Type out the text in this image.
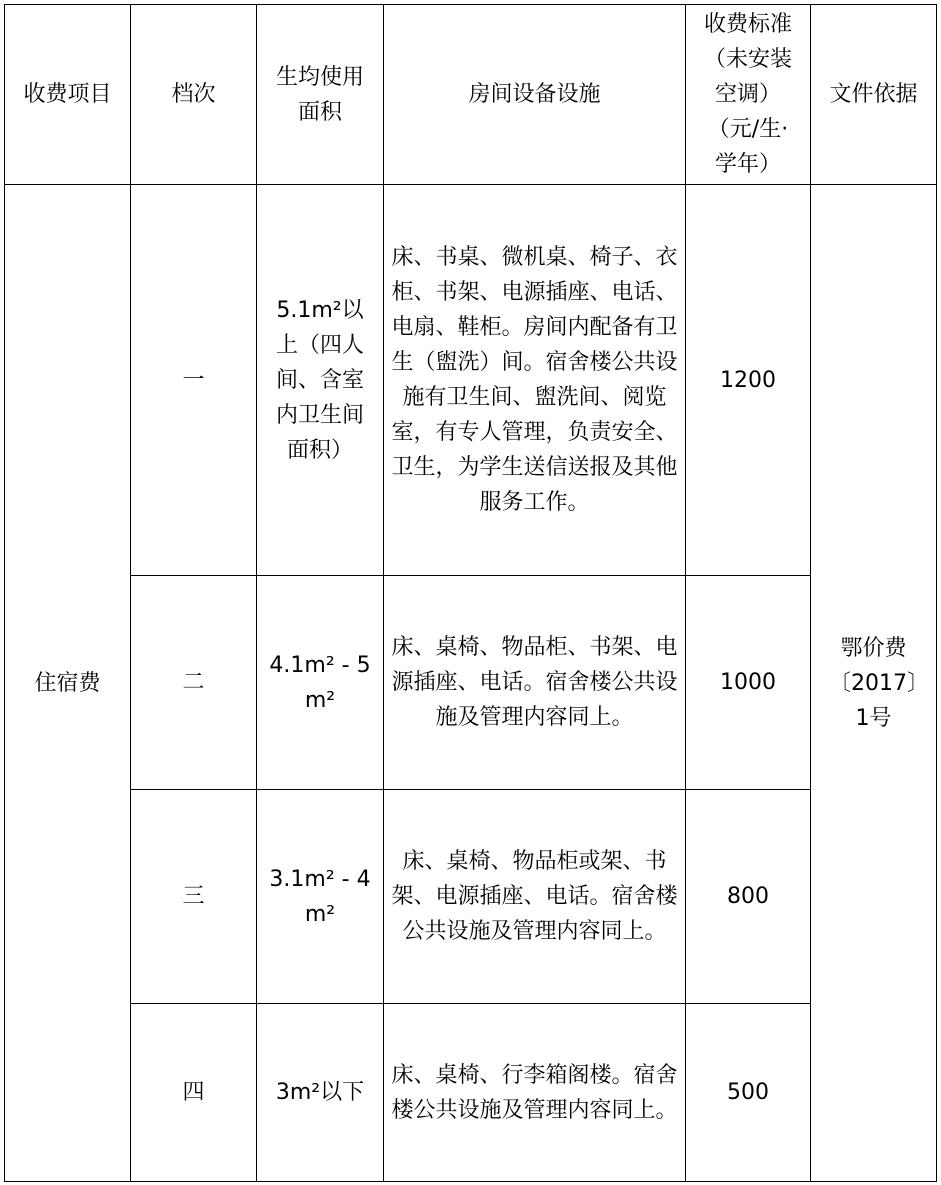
收费项目	档次	生均使用面积	房间设备设施	收费标准（未安装空调）（元/生·学年）	文件依据

住宿费	一	5.1m²以上（四人间、含室内卫生间面积）	床、书桌、微机桌、椅子、衣柜、书架、电源插座、电话、电扇、鞋柜。房间内配备有卫生（盥洗）间。宿舍楼公共设施有卫生间、盥洗间、阅览室，有专人管理，负责安全、卫生，为学生送信送报及其他服务工作。	1200	鄂价费〔2017〕1号

	二	4.1m² - 5 m²	床、桌椅、物品柜、书架、电源插座、电话。宿舍楼公共设施及管理内容同上。	1000	

	三	3.1m² - 4 m²	床、桌椅、物品柜或架、书架、电源插座、电话。宿舍楼公共设施及管理内容同上。	800	

	四	3m²以下	床、桌椅、行李箱阁楼。宿舍楼公共设施及管理内容同上。	500	
